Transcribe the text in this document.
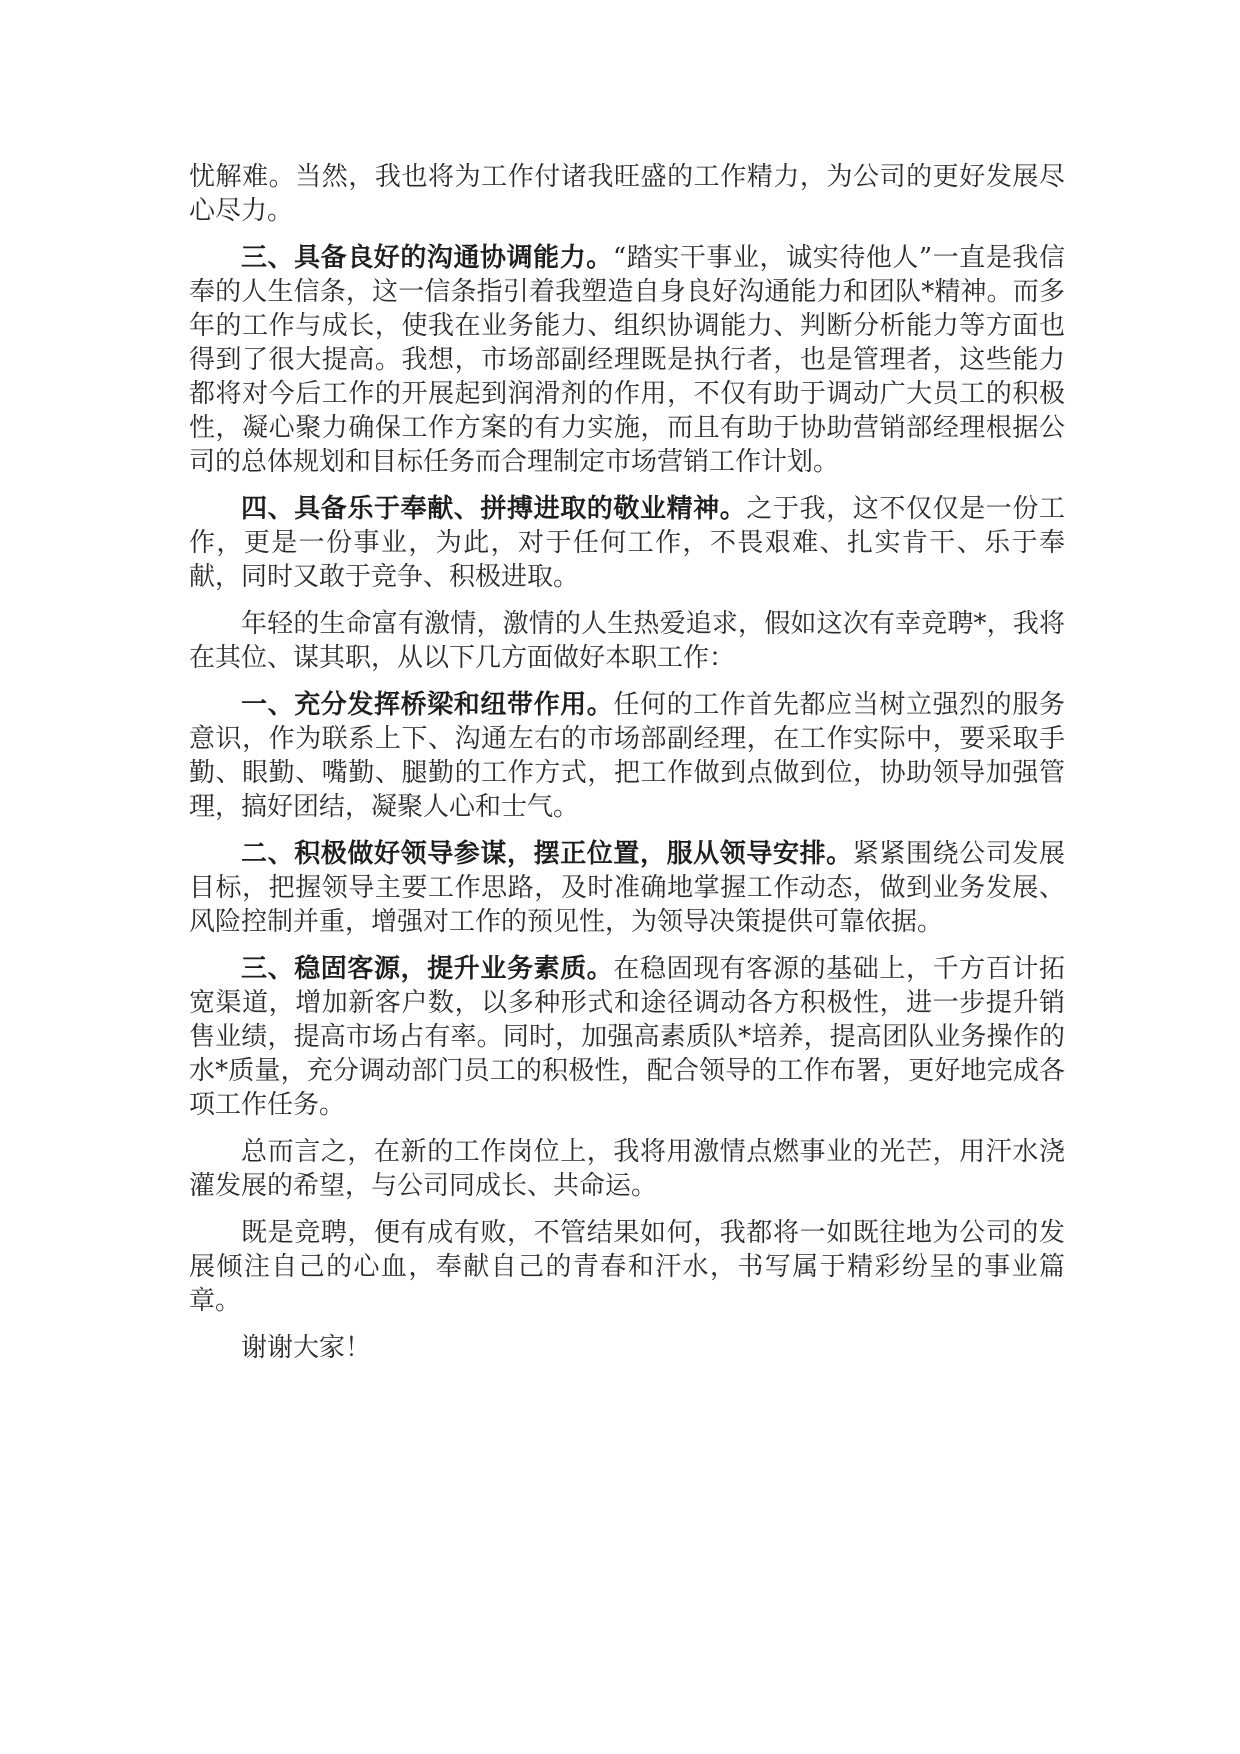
忧解难。当然，我也将为工作付诸我旺盛的工作精力，为公司的更好发展尽心尽力。

三、具备良好的沟通协调能力。“踏实干事业，诚实待他人”一直是我信奉的人生信条，这一信条指引着我塑造自身良好沟通能力和团队*精神。而多年的工作与成长，使我在业务能力、组织协调能力、判断分析能力等方面也得到了很大提高。我想，市场部副经理既是执行者，也是管理者，这些能力都将对今后工作的开展起到润滑剂的作用，不仅有助于调动广大员工的积极性，凝心聚力确保工作方案的有力实施，而且有助于协助营销部经理根据公司的总体规划和目标任务而合理制定市场营销工作计划。

四、具备乐于奉献、拼搏进取的敬业精神。之于我，这不仅仅是一份工作，更是一份事业，为此，对于任何工作，不畏艰难、扎实肯干、乐于奉献，同时又敢于竞争、积极进取。

年轻的生命富有激情，激情的人生热爱追求，假如这次有幸竞聘*，我将在其位、谋其职，从以下几方面做好本职工作：

一、充分发挥桥梁和纽带作用。任何的工作首先都应当树立强烈的服务意识，作为联系上下、沟通左右的市场部副经理，在工作实际中，要采取手勤、眼勤、嘴勤、腿勤的工作方式，把工作做到点做到位，协助领导加强管理，搞好团结，凝聚人心和士气。

二、积极做好领导参谋，摆正位置，服从领导安排。紧紧围绕公司发展目标，把握领导主要工作思路，及时准确地掌握工作动态，做到业务发展、风险控制并重，增强对工作的预见性，为领导决策提供可靠依据。

三、稳固客源，提升业务素质。在稳固现有客源的基础上，千方百计拓宽渠道，增加新客户数，以多种形式和途径调动各方积极性，进一步提升销售业绩，提高市场占有率。同时，加强高素质队*培养，提高团队业务操作的水*质量，充分调动部门员工的积极性，配合领导的工作布署，更好地完成各项工作任务。

总而言之，在新的工作岗位上，我将用激情点燃事业的光芒，用汗水浇灌发展的希望，与公司同成长、共命运。

既是竞聘，便有成有败，不管结果如何，我都将一如既往地为公司的发展倾注自己的心血，奉献自己的青春和汗水，书写属于精彩纷呈的事业篇章。

谢谢大家！
